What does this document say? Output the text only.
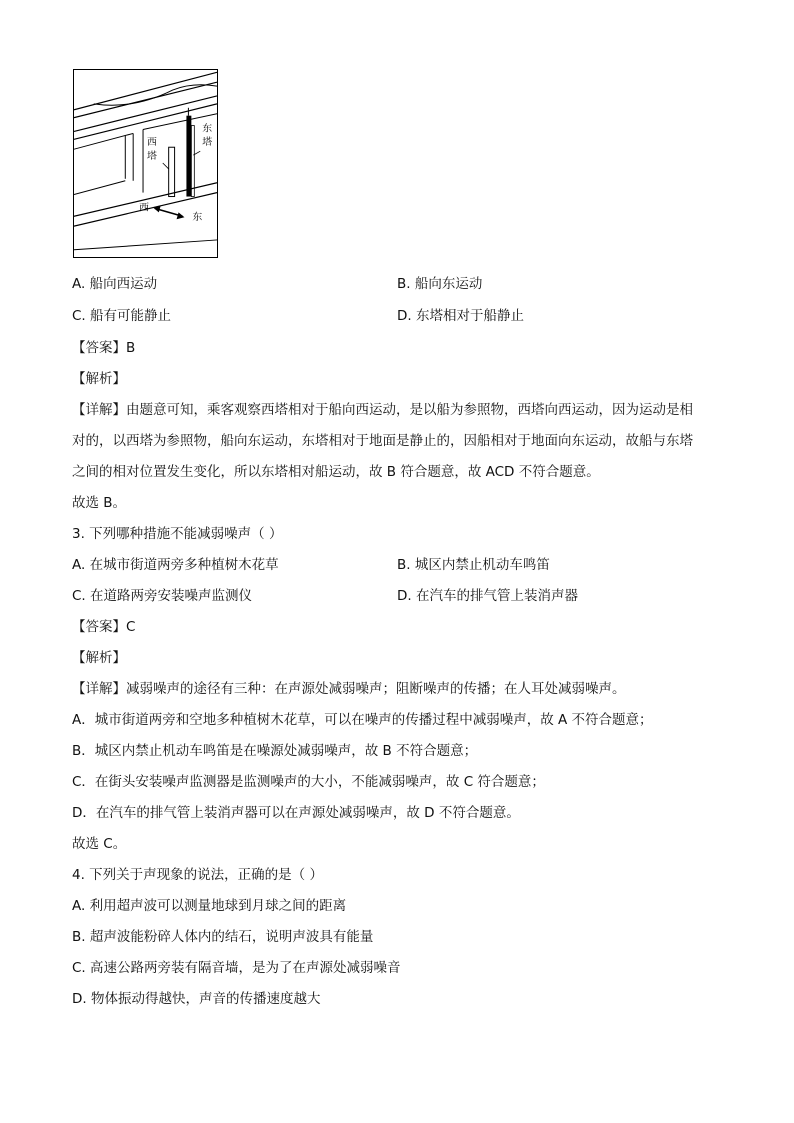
东
塔
西
塔
西
东
A. 船向西运动	B. 船向东运动
C. 船有可能静止	D. 东塔相对于船静止
【答案】B
【解析】
【详解】由题意可知，乘客观察西塔相对于船向西运动，是以船为参照物，西塔向西运动，因为运动是相
对的，以西塔为参照物，船向东运动，东塔相对于地面是静止的，因船相对于地面向东运动，故船与东塔
之间的相对位置发生变化，所以东塔相对船运动，故 B 符合题意，故 ACD 不符合题意。
故选 B。
3. 下列哪种措施不能减弱噪声（ ）
A. 在城市街道两旁多种植树木花草	B. 城区内禁止机动车鸣笛
C. 在道路两旁安装噪声监测仪	D. 在汽车的排气管上装消声器
【答案】C
【解析】
【详解】减弱噪声的途径有三种：在声源处减弱噪声；阻断噪声的传播；在人耳处减弱噪声。
A．城市街道两旁和空地多种植树木花草，可以在噪声的传播过程中减弱噪声，故 A 不符合题意；
B．城区内禁止机动车鸣笛是在噪源处减弱噪声，故 B 不符合题意；
C．在街头安装噪声监测器是监测噪声的大小，不能减弱噪声，故 C 符合题意；
D．在汽车的排气管上装消声器可以在声源处减弱噪声，故 D 不符合题意。
故选 C。
4. 下列关于声现象的说法，正确的是（ ）
A. 利用超声波可以测量地球到月球之间的距离
B. 超声波能粉碎人体内的结石，说明声波具有能量
C. 高速公路两旁装有隔音墙，是为了在声源处减弱噪音
D. 物体振动得越快，声音的传播速度越大
